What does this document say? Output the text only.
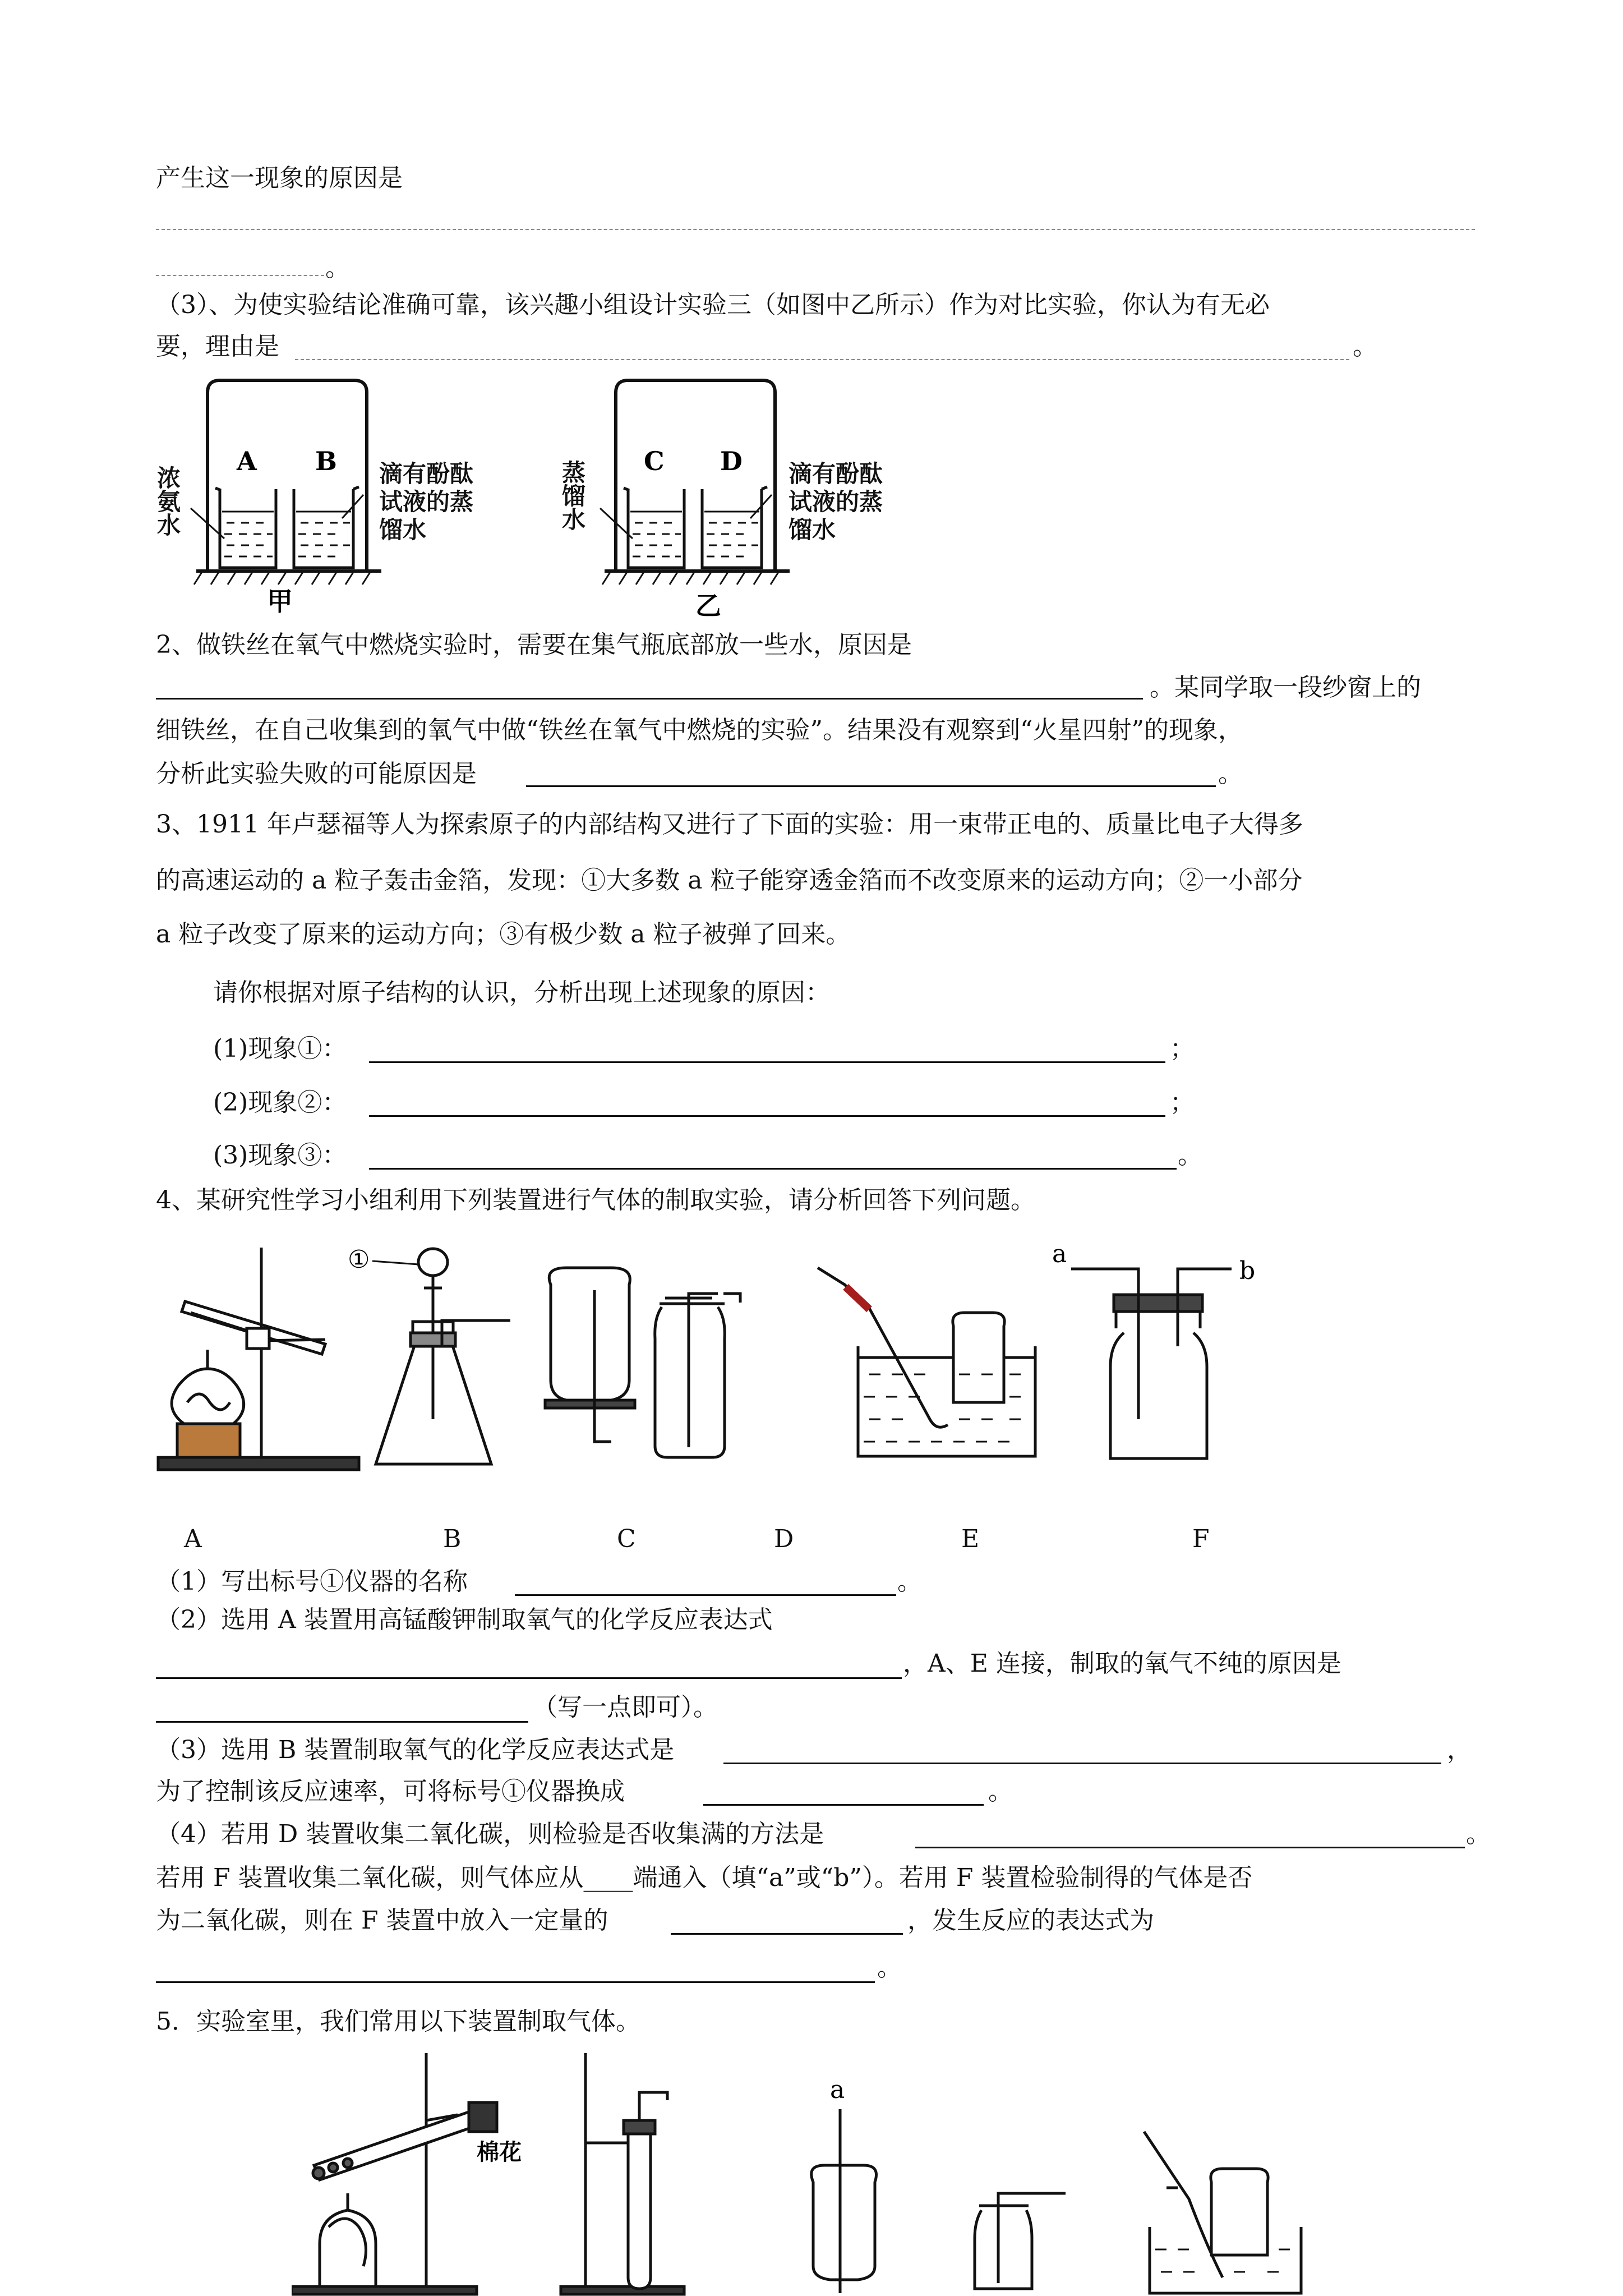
产生这一现象的原因是
。
（3）、为使实验结论准确可靠，该兴趣小组设计实验三（如图中乙所示）作为对比实验，你认为有无必
要，理由是	。
A B
甲
C D
乙
浓氨水	滴有酚酞试液的蒸馏水	蒸馏水	滴有酚酞试液的蒸馏水
2、做铁丝在氧气中燃烧实验时，需要在集气瓶底部放一些水，原因是
。某同学取一段纱窗上的
细铁丝，在自己收集到的氧气中做“铁丝在氧气中燃烧的实验”。结果没有观察到“火星四射”的现象，
分析此实验失败的可能原因是	。
3、1911 年卢瑟福等人为探索原子的内部结构又进行了下面的实验：用一束带正电的、质量比电子大得多
的高速运动的 a 粒子轰击金箔，发现：①大多数 a 粒子能穿透金箔而不改变原来的运动方向；②一小部分
a 粒子改变了原来的运动方向；③有极少数 a 粒子被弹了回来。
请你根据对原子结构的认识，分析出现上述现象的原因：
(1)现象①：	；
(2)现象②：	；
(3)现象③：	。
4、某研究性学习小组利用下列装置进行气体的制取实验，请分析回答下列问题。
①	a
b
A	B	C	D	E	F
（1）写出标号①仪器的名称	。
（2）选用 A 装置用高锰酸钾制取氧气的化学反应表达式
，A、E 连接，制取的氧气不纯的原因是
（写一点即可）。
（3）选用 B 装置制取氧气的化学反应表达式是	，
为了控制该反应速率，可将标号①仪器换成	。
（4）若用 D 装置收集二氧化碳，则检验是否收集满的方法是	。
若用 F 装置收集二氧化碳，则气体应从____端通入（填“a”或“b”）。若用 F 装置检验制得的气体是否
为二氧化碳，则在 F 装置中放入一定量的	，发生反应的表达式为
。
5．实验室里，我们常用以下装置制取气体。
棉花
a
